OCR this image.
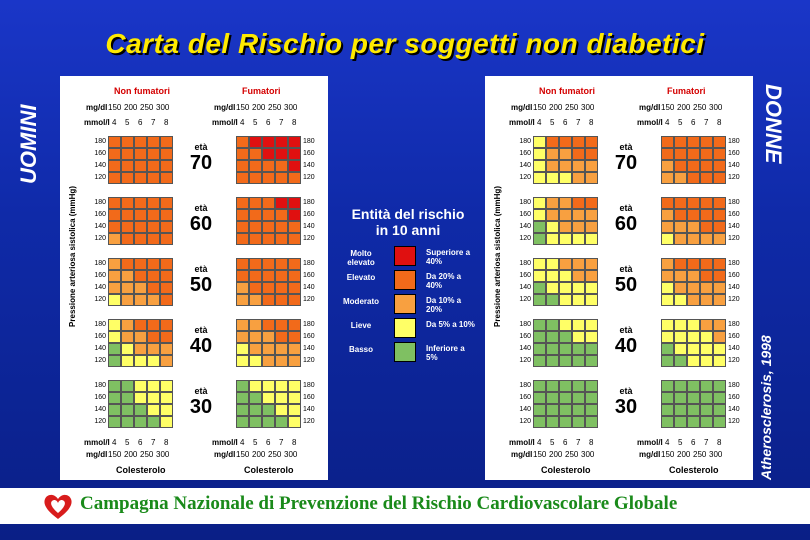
Carta del Rischio per soggetti non diabetici
UOMINI	DONNE
Atherosclerosis, 1998
Non fumatori
mg/dl 150 200 250 300
mmol/l 4 5 6 7 8
mmol/l 4 5 6 7 8
mg/dl 150 200 250 300
Colesterolo
Fumatori
mg/dl 150 200 250 300
mmol/l 4 5 6 7 8
mmol/l 4 5 6 7 8
mg/dl 150 200 250 300
Colesterolo
Pressione arteriosa sistolica (mmHg)
180
160
140
120
180
160
140
120
età
70
180
160
140
120
180
160
140
120
età
60
180
160
140
120
180
160
140
120
età
50
180
160
140
120
180
160
140
120
età
40
180
160
140
120
180
160
140
120
età
30
Non fumatori
mg/dl 150 200 250 300
mmol/l 4 5 6 7 8
mmol/l 4 5 6 7 8
mg/dl 150 200 250 300
Colesterolo
Fumatori
mg/dl 150 200 250 300
mmol/l 4 5 6 7 8
mmol/l 4 5 6 7 8
mg/dl 150 200 250 300
Colesterolo
Pressione arteriosa sistolica (mmHg)
180
160
140
120
180
160
140
120
età
70
180
160
140
120
180
160
140
120
età
60
180
160
140
120
180
160
140
120
età
50
180
160
140
120
180
160
140
120
età
40
180
160
140
120
180
160
140
120
età
30
Entità del rischio
in 10 anni
Molto elevato
Superiore a 40%
Elevato	Da 20% a 40%
Moderato	Da 10% a 20%
Lieve	Da 5% a 10%
Basso	Inferiore a 5%
Campagna Nazionale di Prevenzione del Rischio Cardiovascolare Globale
